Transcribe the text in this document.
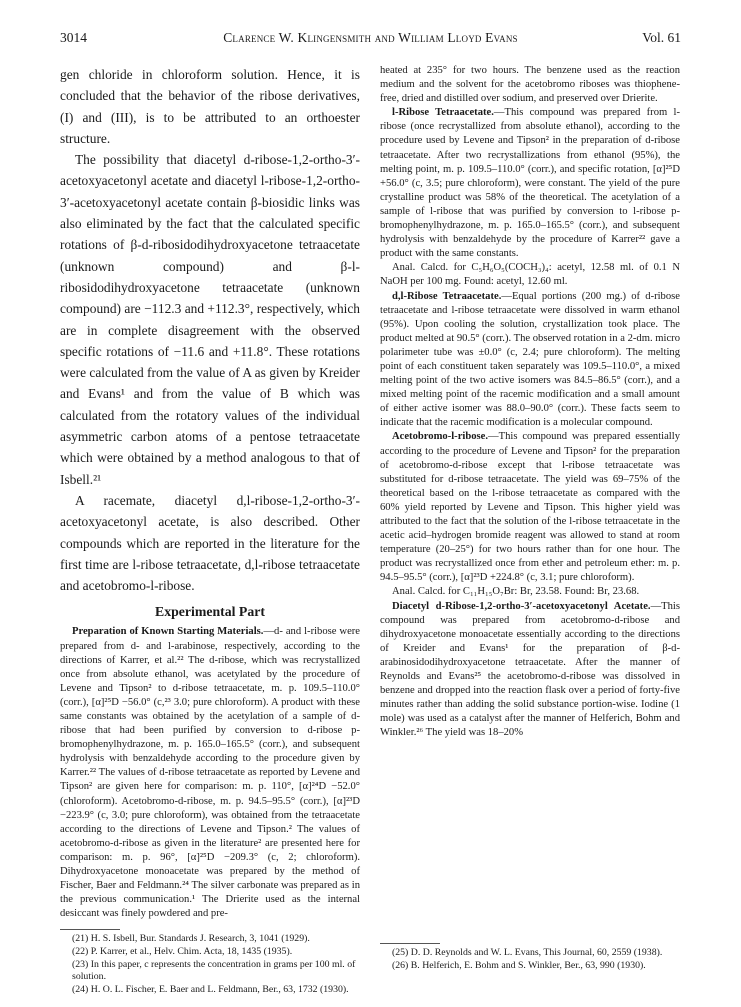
3014	Clarence W. Klingensmith and William Lloyd Evans	Vol. 61

gen chloride in chloroform solution. Hence, it is concluded that the behavior of the ribose derivatives, (I) and (III), is to be attributed to an orthoester structure.

The possibility that diacetyl d-ribose-1,2-ortho-3′-acetoxyacetonyl acetate and diacetyl l-ribose-1,2-ortho-3′-acetoxyacetonyl acetate contain β-biosidic links was also eliminated by the fact that the calculated specific rotations of β-d-ribosidodihydroxyacetone tetraacetate (unknown compound) and β-l-ribosidodihydroxyacetone tetraacetate (unknown compound) are −112.3 and +112.3°, respectively, which are in complete disagreement with the observed specific rotations of −11.6 and +11.8°. These rotations were calculated from the value of A as given by Kreider and Evans¹ and from the value of B which was calculated from the rotatory values of the individual asymmetric carbon atoms of a pentose tetraacetate which were obtained by a method analogous to that of Isbell.²¹

A racemate, diacetyl d,l-ribose-1,2-ortho-3′-acetoxyacetonyl acetate, is also described. Other compounds which are reported in the literature for the first time are l-ribose tetraacetate, d,l-ribose tetraacetate and acetobromo-l-ribose.

Experimental Part

Preparation of Known Starting Materials.—d- and l-ribose were prepared from d- and l-arabinose, respectively, according to the directions of Karrer, et al.²² The d-ribose, which was recrystallized once from absolute ethanol, was acetylated by the procedure of Levene and Tipson² to d-ribose tetraacetate, m. p. 109.5–110.0° (corr.), [α]²⁵D −56.0° (c,²³ 3.0; pure chloroform). A product with these same constants was obtained by the acetylation of a sample of d-ribose that had been purified by conversion to d-ribose p-bromophenylhydrazone, m. p. 165.0–165.5° (corr.), and subsequent hydrolysis with benzaldehyde according to the procedure given by Karrer.²² The values of d-ribose tetraacetate as reported by Levene and Tipson² are given here for comparison: m. p. 110°, [α]²⁴D −52.0° (chloroform). Acetobromo-d-ribose, m. p. 94.5–95.5° (corr.), [α]²³D −223.9° (c, 3.0; pure chloroform), was obtained from the tetraacetate according to the directions of Levene and Tipson.² The values of acetobromo-d-ribose as given in the literature² are presented here for comparison: m. p. 96°, [α]²⁵D −209.3° (c, 2; chloroform). Dihydroxyacetone monoacetate was prepared by the method of Fischer, Baer and Feldmann.²⁴ The silver carbonate was prepared as in the previous communication.¹ The Drierite used as the internal desiccant was finely powdered and pre-

(21) H. S. Isbell, Bur. Standards J. Research, 3, 1041 (1929).

(22) P. Karrer, et al., Helv. Chim. Acta, 18, 1435 (1935).

(23) In this paper, c represents the concentration in grams per 100 ml. of solution.

(24) H. O. L. Fischer, E. Baer and L. Feldmann, Ber., 63, 1732 (1930).

heated at 235° for two hours. The benzene used as the reaction medium and the solvent for the acetobromo riboses was thiophene-free, dried and distilled over sodium, and preserved over Drierite.

l-Ribose Tetraacetate.—This compound was prepared from l-ribose (once recrystallized from absolute ethanol), according to the procedure used by Levene and Tipson² in the preparation of d-ribose tetraacetate. After two recrystallizations from ethanol (95%), the melting point, m. p. 109.5–110.0° (corr.), and specific rotation, [α]²⁵D +56.0° (c, 3.5; pure chloroform), were constant. The yield of the pure crystalline product was 58% of the theoretical. The acetylation of a sample of l-ribose that was purified by conversion to l-ribose p-bromophenylhydrazone, m. p. 165.0–165.5° (corr.), and subsequent hydrolysis with benzaldehyde by the procedure of Karrer²² gave a product with the same constants.

Anal. Calcd. for C₅H₆O₅(COCH₃)₄: acetyl, 12.58 ml. of 0.1 N NaOH per 100 mg. Found: acetyl, 12.60 ml.

d,l-Ribose Tetraacetate.—Equal portions (200 mg.) of d-ribose tetraacetate and l-ribose tetraacetate were dissolved in warm ethanol (95%). Upon cooling the solution, crystallization took place. The product melted at 90.5° (corr.). The observed rotation in a 2-dm. micro polarimeter tube was ±0.0° (c, 2.4; pure chloroform). The melting point of each constituent taken separately was 109.5–110.0°, a mixed melting point of the two active isomers was 84.5–86.5° (corr.), and a mixed melting point of the racemic modification and a small amount of either active isomer was 88.0–90.0° (corr.). These facts seem to indicate that the racemic modification is a molecular compound.

Acetobromo-l-ribose.—This compound was prepared essentially according to the procedure of Levene and Tipson² for the preparation of acetobromo-d-ribose except that l-ribose tetraacetate was substituted for d-ribose tetraacetate. The yield was 69–75% of the theoretical based on the l-ribose tetraacetate as compared with the 60% yield reported by Levene and Tipson. This higher yield was attributed to the fact that the solution of the l-ribose tetraacetate in the acetic acid–hydrogen bromide reagent was allowed to stand at room temperature (20–25°) for two hours rather than for one hour. The product was recrystallized once from ether and petroleum ether: m. p. 94.5–95.5° (corr.), [α]²³D +224.8° (c, 3.1; pure chloroform).

Anal. Calcd. for C₁₁H₁₅O₇Br: Br, 23.58. Found: Br, 23.68.

Diacetyl d-Ribose-1,2-ortho-3′-acetoxyacetonyl Acetate.—This compound was prepared from acetobromo-d-ribose and dihydroxyacetone monoacetate essentially according to the directions of Kreider and Evans¹ for the preparation of β-d-arabinosidodihydroxyacetone tetraacetate. After the manner of Reynolds and Evans²⁵ the acetobromo-d-ribose was dissolved in benzene and dropped into the reaction flask over a period of forty-five minutes rather than adding the solid substance portion-wise. Iodine (1 mole) was used as a catalyst after the manner of Helferich, Bohm and Winkler.²⁶ The yield was 18–20%

(25) D. D. Reynolds and W. L. Evans, This Journal, 60, 2559 (1938).

(26) B. Helferich, E. Bohm and S. Winkler, Ber., 63, 990 (1930).
